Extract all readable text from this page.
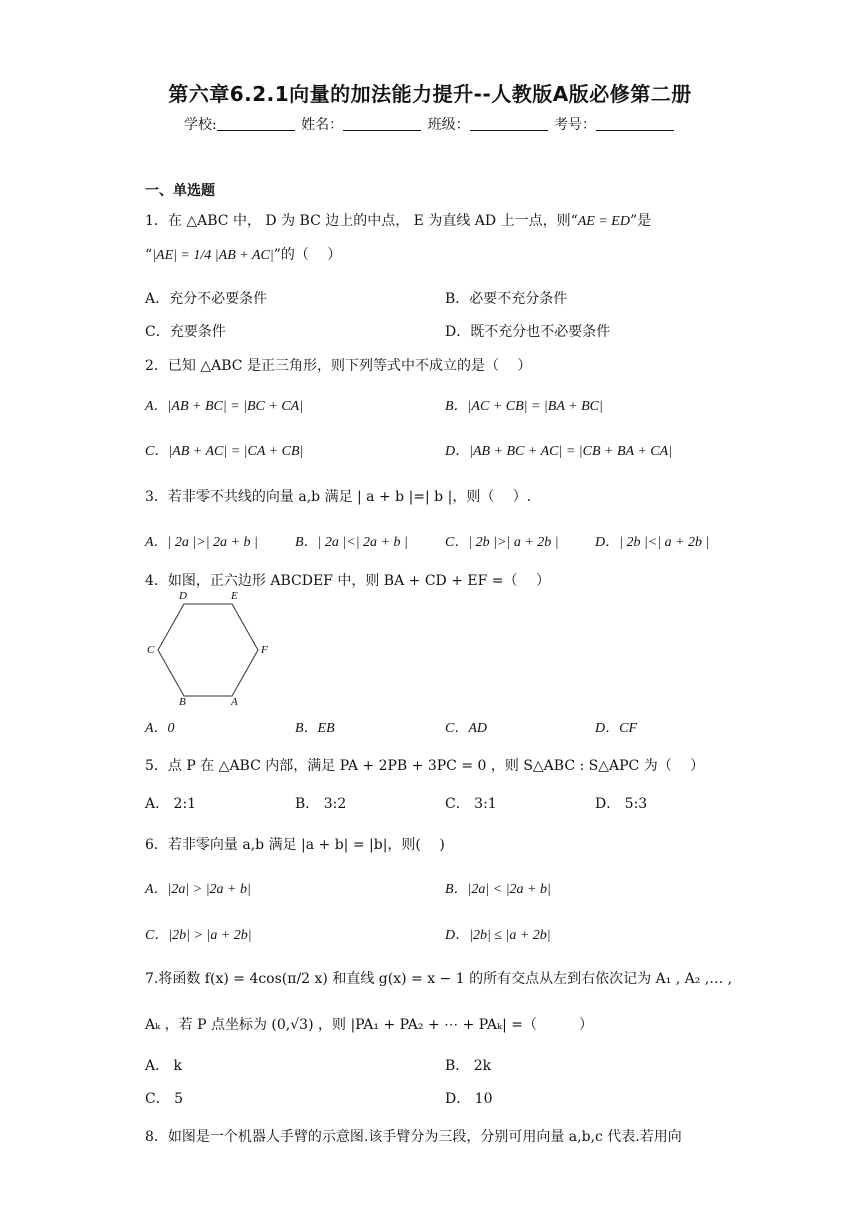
第六章6.2.1向量的加法能力提升--人教版A版必修第二册
学校:	姓名：	班级：	考号：
一、单选题
1．在 △ABC 中， D 为 BC 边上的中点， E 为直线 AD 上一点，则“AE = ED”是
“|AE| = 1/4 |AB + AC|”的（　 ）
A．充分不必要条件	B．必要不充分条件
C．充要条件	D．既不充分也不必要条件
2．已知 △ABC 是正三角形，则下列等式中不成立的是（　 ）
A．|AB + BC| = |BC + CA|	B．|AC + CB| = |BA + BC|
C．|AB + AC| = |CA + CB|	D．|AB + BC + AC| = |CB + BA + CA|
3．若非零不共线的向量 a,b 满足 | a + b |=| b |，则（　 ）.
A．| 2a |>| 2a + b |	B．| 2a |<| 2a + b |	C．| 2b |>| a + 2b |	D．| 2b |<| a + 2b |
4．如图，正六边形 ABCDEF 中，则 BA + CD + EF =（　 ）
D	E
C	F
B	A
A．0	B．EB	C．AD	D．CF
5．点 P 在 △ABC 内部，满足 PA + 2PB + 3PC = 0 ，则 S△ABC : S△APC 为（　 ）
A． 2:1	B． 3:2	C． 3:1	D． 5:3
6．若非零向量 a,b 满足 |a + b| = |b|，则(　 )
A．|2a| > |2a + b|	B．|2a| < |2a + b|
C．|2b| > |a + 2b|	D．|2b| ≤ |a + 2b|
7.将函数 f(x) = 4cos(π/2 x) 和直线 g(x) = x − 1 的所有交点从左到右依次记为 A₁ , A₂ ,… ,
Aₖ ，若 P 点坐标为 (0,√3) ，则 |PA₁ + PA₂ + ⋯ + PAₖ| =（　　　）
A． k	B． 2k
C． 5	D． 10
8．如图是一个机器人手臂的示意图.该手臂分为三段，分别可用向量 a,b,c 代表.若用向
